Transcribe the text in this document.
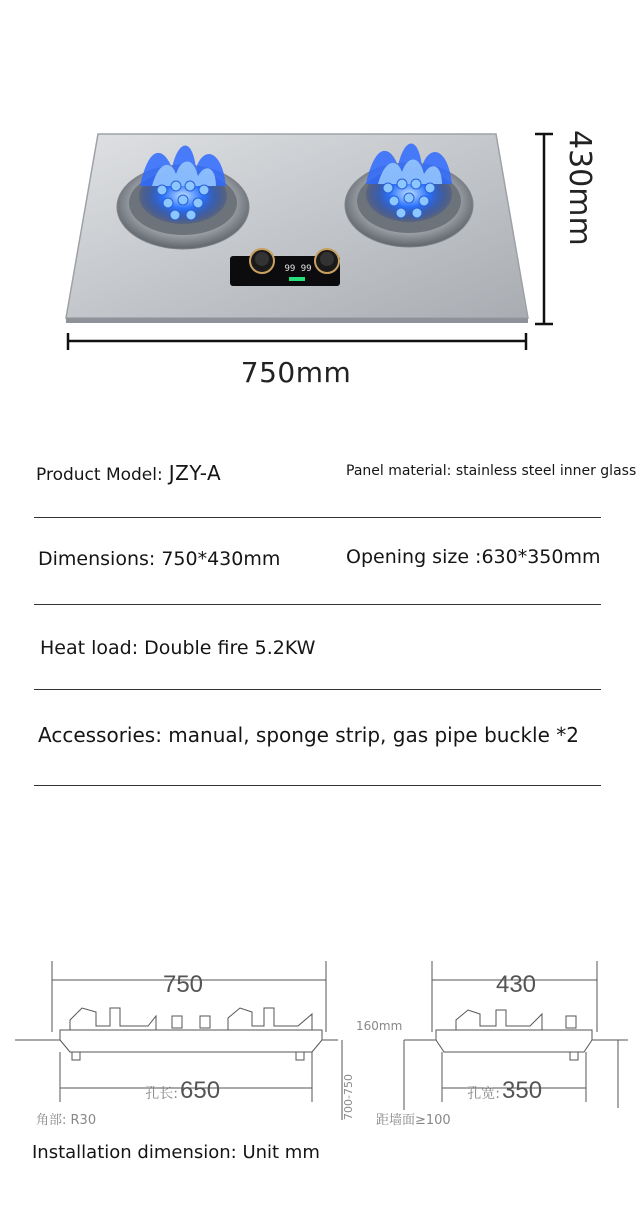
99 99
750mm
430mm
Product Model: JZY-A	Panel material: stainless steel inner glass
Dimensions: 750*430mm	Opening size :630*350mm
Heat load: Double fire 5.2KW
Accessories: manual, sponge strip, gas pipe buckle *2
750
孔长: 650
角部: R30
430
160mm
孔宽: 350
距墙面≥100
700-750
Installation dimension: Unit mm
